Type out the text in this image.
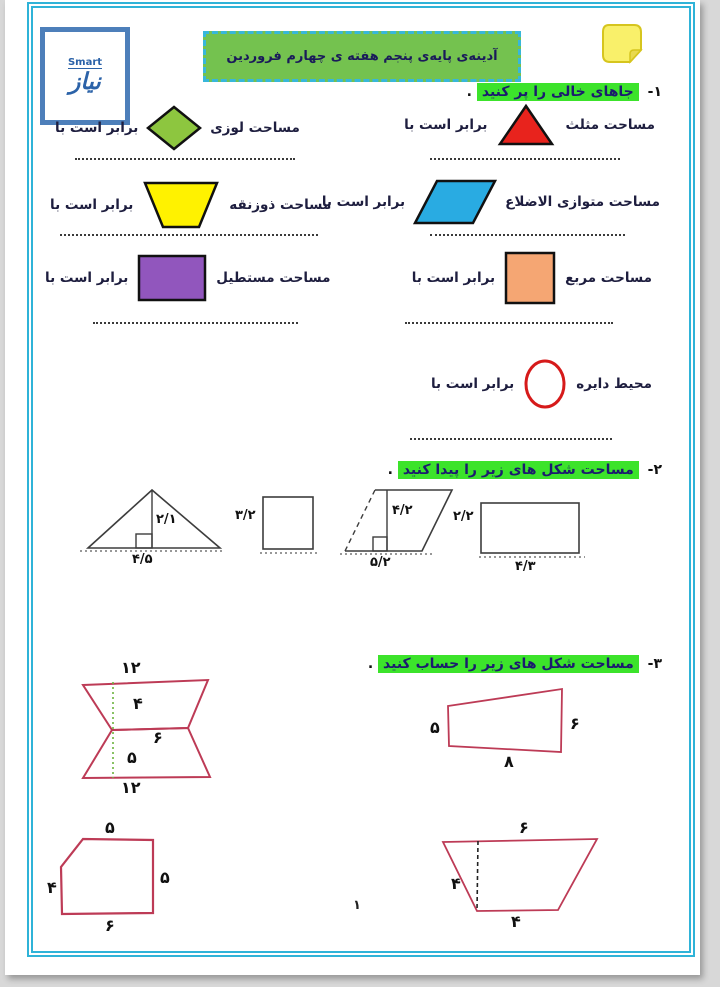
Smart
نیاز
آدینه‌ی پایه‌ی پنجم هفته ی چهارم فروردین
۱- جاهای خالی را پر کنید .
مساحت مثلث
برابر است با
مساحت لوزی
برابر است با
مساحت متوازی الاضلاع
برابر است با
مساحت ذوزنقه
برابر است با
مساحت مربع
برابر است با
مساحت مستطیل
برابر است با
محیط دایره
برابر است با
۲- مساحت شکل های زیر را پیدا کنید .
۲/۱
۴/۵
۳/۲	۴/۲
۵/۲
۲/۲
۴/۳
۳- مساحت شکل های زیر را حساب کنید .
۱۲
۴
۶
۵
۱۲
۵	۶
۸
۵
۵
۴
۶
۶
۴
۴
۱
